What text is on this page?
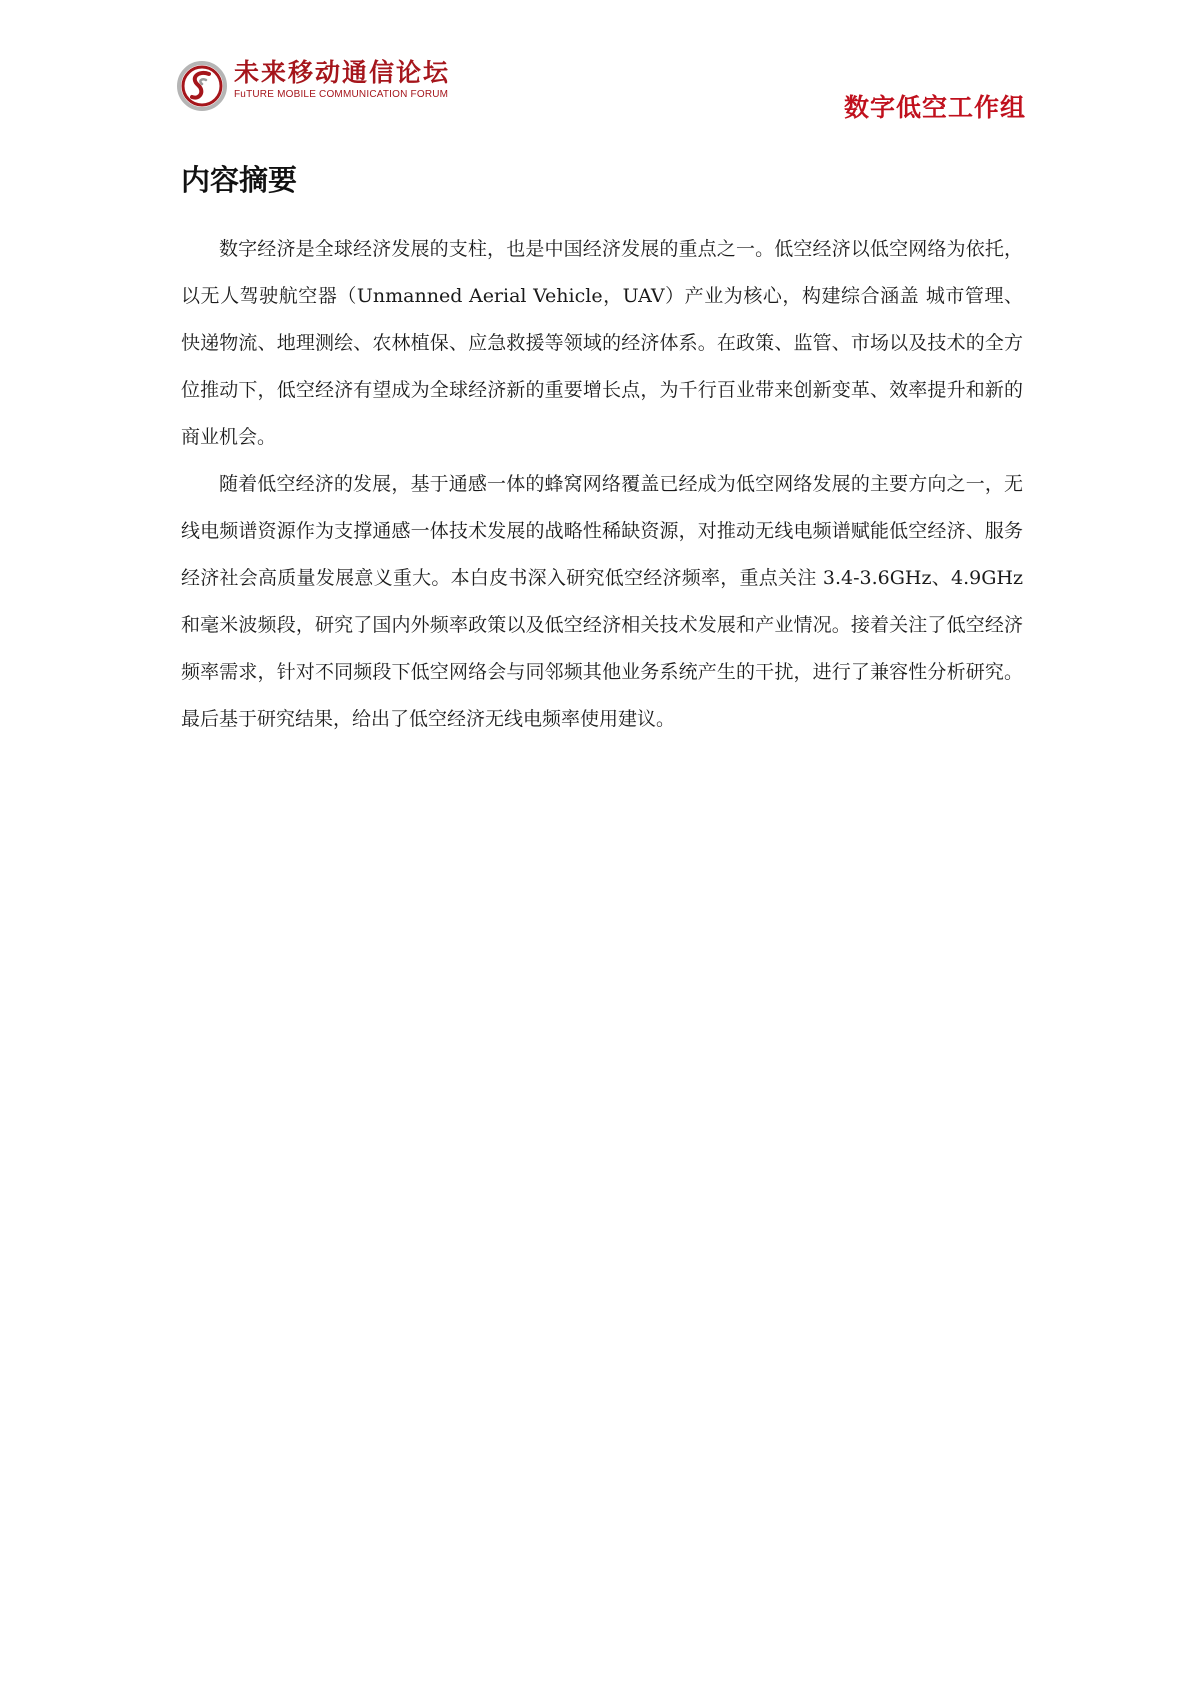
未来移动通信论坛
FuTURE MOBILE COMMUNICATION FORUM	数字低空工作组
内容摘要

数字经济是全球经济发展的支柱，也是中国经济发展的重点之一。低空经济以低空网络为依托，以无人驾驶航空器（Unmanned Aerial Vehicle，UAV）产业为核心，构建综合涵盖 城市管理、快递物流、地理测绘、农林植保、应急救援等领域的经济体系。在政策、监管、市场以及技术的全方位推动下，低空经济有望成为全球经济新的重要增长点，为千行百业带来创新变革、效率提升和新的商业机会。

随着低空经济的发展，基于通感一体的蜂窝网络覆盖已经成为低空网络发展的主要方向之一，无线电频谱资源作为支撑通感一体技术发展的战略性稀缺资源，对推动无线电频谱赋能低空经济、服务经济社会高质量发展意义重大。本白皮书深入研究低空经济频率，重点关注 3.4-3.6GHz、4.9GHz 和毫米波频段，研究了国内外频率政策以及低空经济相关技术发展和产业情况。接着关注了低空经济频率需求，针对不同频段下低空网络会与同邻频其他业务系统产生的干扰，进行了兼容性分析研究。最后基于研究结果，给出了低空经济无线电频率使用建议。
